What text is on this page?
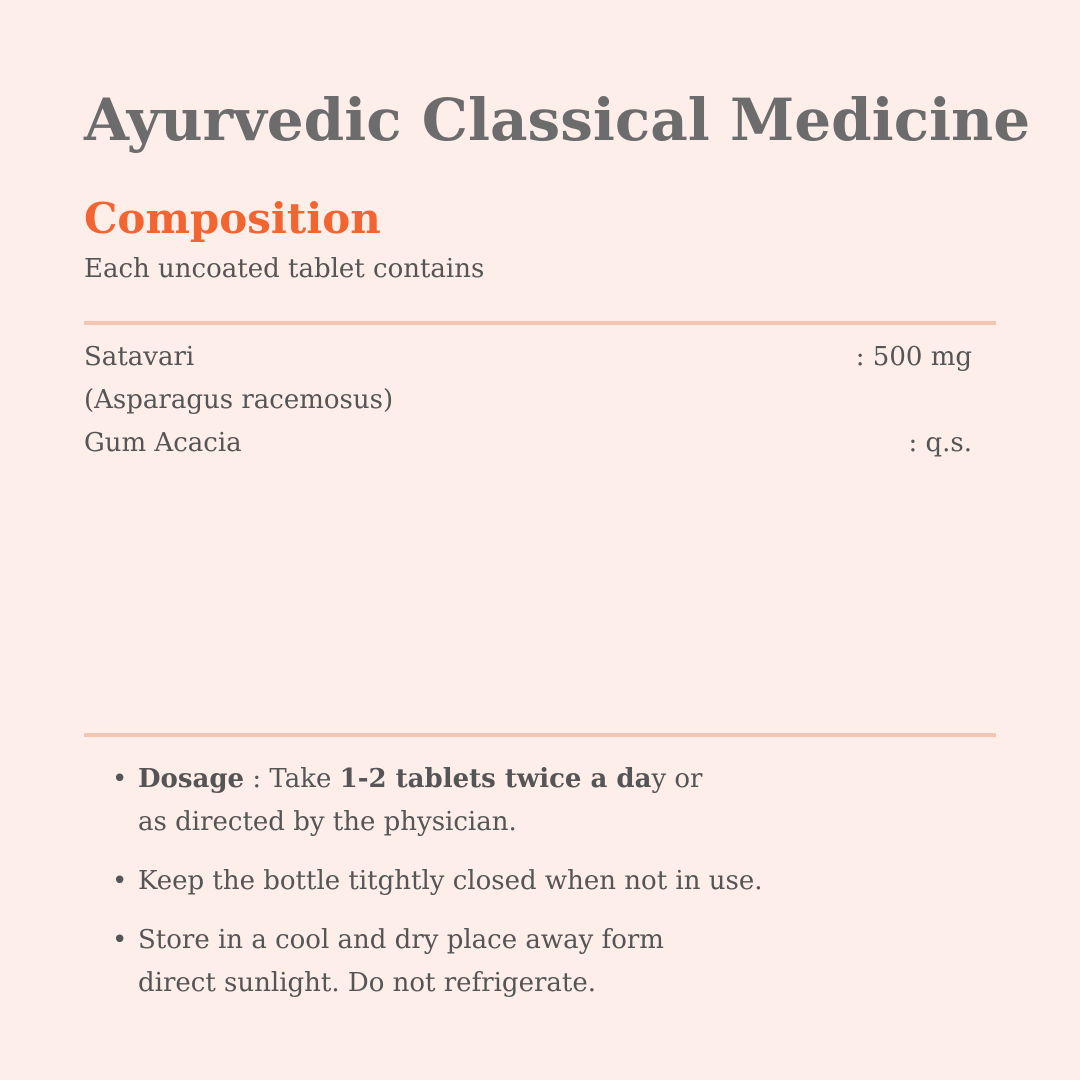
Ayurvedic Classical Medicine
Composition
Each uncoated tablet contains
Satavari	: 500 mg
(Asparagus racemosus)
Gum Acacia	: q.s.
• Dosage : Take 1-2 tablets twice a day or
as directed by the physician.
• Keep the bottle titghtly closed when not in use.
• Store in a cool and dry place away form
direct sunlight. Do not refrigerate.
